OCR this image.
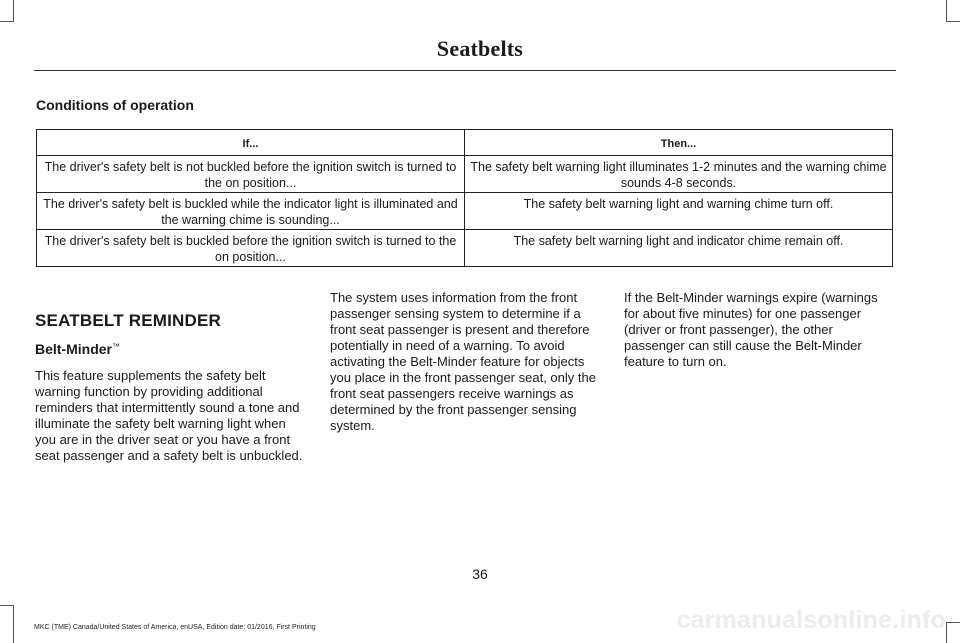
Seatbelts
Conditions of operation
If...	Then...
The driver's safety belt is not buckled before the ignition switch is turned to the on position...	The safety belt warning light illuminates 1-2 minutes and the warning chime sounds 4-8 seconds.
The driver's safety belt is buckled while the indicator light is illuminated and the warning chime is sounding...	The safety belt warning light and warning chime turn off.
The driver's safety belt is buckled before the ignition switch is turned to the on position...	The safety belt warning light and indicator chime remain off.

SEATBELT REMINDER

Belt-Minder™

This feature supplements the safety belt warning function by providing additional reminders that intermittently sound a tone and illuminate the safety belt warning light when you are in the driver seat or you have a front seat passenger and a safety belt is unbuckled.

The system uses information from the front passenger sensing system to determine if a front seat passenger is present and therefore potentially in need of a warning. To avoid activating the Belt-Minder feature for objects you place in the front passenger seat, only the front seat passengers receive warnings as determined by the front passenger sensing system.

If the Belt-Minder warnings expire (warnings for about five minutes) for one passenger (driver or front passenger), the other passenger can still cause the Belt-Minder feature to turn on.

36
MKC (TME) Canada/United States of America, enUSA, Edition date: 01/2016, First Printing	carmanualsonline.info
